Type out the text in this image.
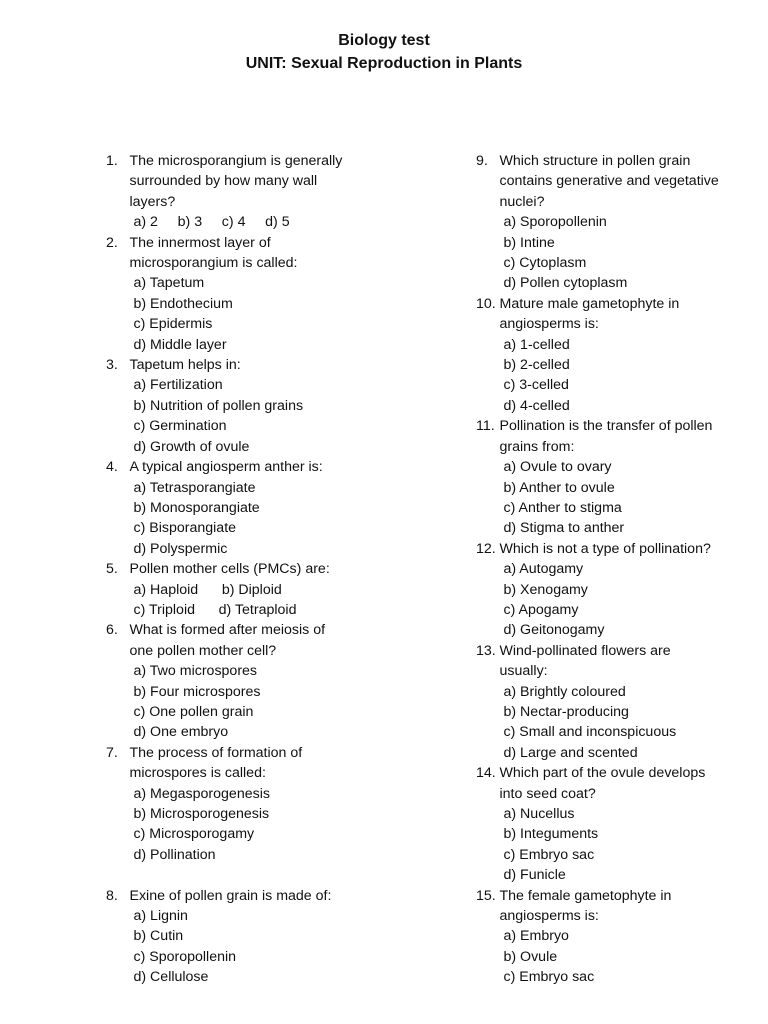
Biology test
UNIT: Sexual Reproduction in Plants
1. The microsporangium is generally
surrounded by how many wall
layers?
a) 2     b) 3     c) 4     d) 5
2. The innermost layer of
microsporangium is called:
a) Tapetum
b) Endothecium
c) Epidermis
d) Middle layer
3. Tapetum helps in:
a) Fertilization
b) Nutrition of pollen grains
c) Germination
d) Growth of ovule
4. A typical angiosperm anther is:
a) Tetrasporangiate
b) Monosporangiate
c) Bisporangiate
d) Polyspermic
5. Pollen mother cells (PMCs) are:
a) Haploid      b) Diploid
c) Triploid      d) Tetraploid
6. What is formed after meiosis of
one pollen mother cell?
a) Two microspores
b) Four microspores
c) One pollen grain
d) One embryo
7. The process of formation of
microspores is called:
a) Megasporogenesis
b) Microsporogenesis
c) Microsporogamy
d) Pollination
8. Exine of pollen grain is made of:
a) Lignin
b) Cutin
c) Sporopollenin
d) Cellulose
9. Which structure in pollen grain
contains generative and vegetative
nuclei?
a) Sporopollenin
b) Intine
c) Cytoplasm
d) Pollen cytoplasm
10. Mature male gametophyte in
angiosperms is:
a) 1-celled
b) 2-celled
c) 3-celled
d) 4-celled
11. Pollination is the transfer of pollen
grains from:
a) Ovule to ovary
b) Anther to ovule
c) Anther to stigma
d) Stigma to anther
12. Which is not a type of pollination?
a) Autogamy
b) Xenogamy
c) Apogamy
d) Geitonogamy
13. Wind-pollinated flowers are
usually:
a) Brightly coloured
b) Nectar-producing
c) Small and inconspicuous
d) Large and scented
14. Which part of the ovule develops
into seed coat?
a) Nucellus
b) Integuments
c) Embryo sac
d) Funicle
15. The female gametophyte in
angiosperms is:
a) Embryo
b) Ovule
c) Embryo sac
